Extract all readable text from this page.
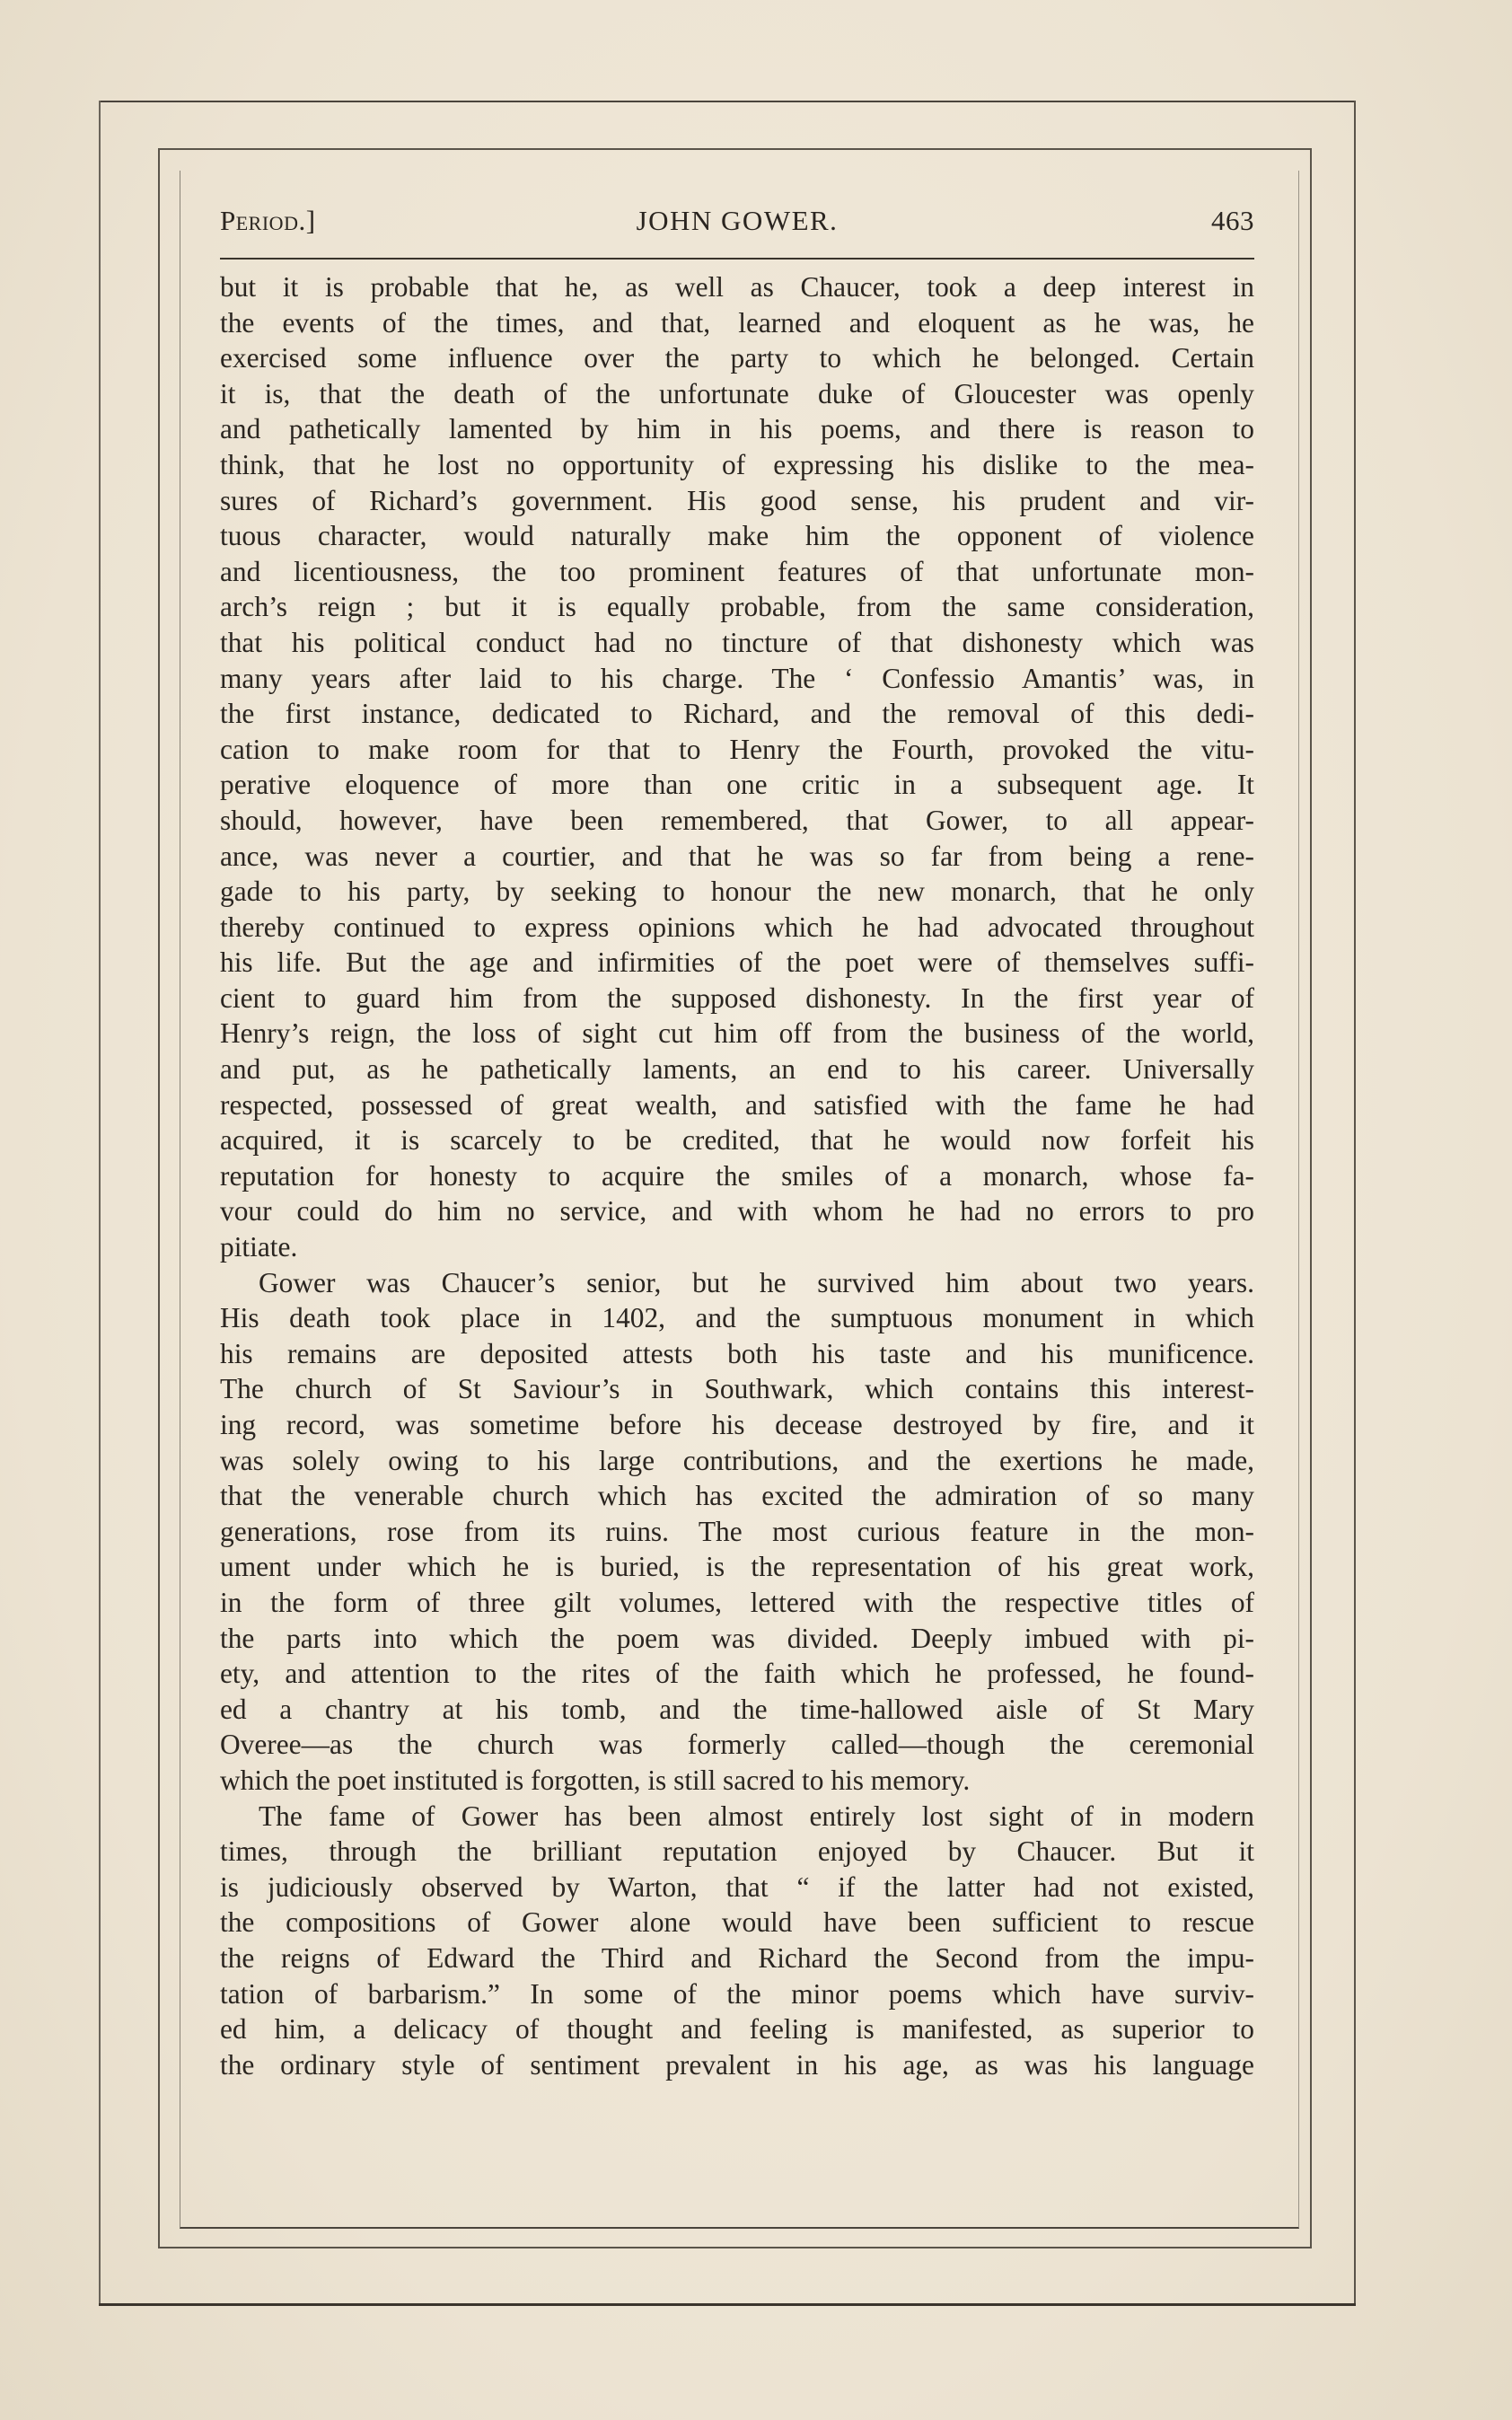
Period.]	JOHN GOWER.	463
but it is probable that he, as well as Chaucer, took a deep interest in
the events of the times, and that, learned and eloquent as he was, he
exercised some influence over the party to which he belonged. Certain
it is, that the death of the unfortunate duke of Gloucester was openly
and pathetically lamented by him in his poems, and there is reason to
think, that he lost no opportunity of expressing his dislike to the mea-
sures of Richard’s government. His good sense, his prudent and vir-
tuous character, would naturally make him the opponent of violence
and licentiousness, the too prominent features of that unfortunate mon-
arch’s reign ; but it is equally probable, from the same consideration,
that his political conduct had no tincture of that dishonesty which was
many years after laid to his charge. The ‘ Confessio Amantis’ was, in
the first instance, dedicated to Richard, and the removal of this dedi-
cation to make room for that to Henry the Fourth, provoked the vitu-
perative eloquence of more than one critic in a subsequent age. It
should, however, have been remembered, that Gower, to all appear-
ance, was never a courtier, and that he was so far from being a rene-
gade to his party, by seeking to honour the new monarch, that he only
thereby continued to express opinions which he had advocated throughout
his life. But the age and infirmities of the poet were of themselves suffi-
cient to guard him from the supposed dishonesty. In the first year of
Henry’s reign, the loss of sight cut him off from the business of the world,
and put, as he pathetically laments, an end to his career. Universally
respected, possessed of great wealth, and satisfied with the fame he had
acquired, it is scarcely to be credited, that he would now forfeit his
reputation for honesty to acquire the smiles of a monarch, whose fa-
vour could do him no service, and with whom he had no errors to pro
pitiate.
Gower was Chaucer’s senior, but he survived him about two years.
His death took place in 1402, and the sumptuous monument in which
his remains are deposited attests both his taste and his munificence.
The church of St Saviour’s in Southwark, which contains this interest-
ing record, was sometime before his decease destroyed by fire, and it
was solely owing to his large contributions, and the exertions he made,
that the venerable church which has excited the admiration of so many
generations, rose from its ruins. The most curious feature in the mon-
ument under which he is buried, is the representation of his great work,
in the form of three gilt volumes, lettered with the respective titles of
the parts into which the poem was divided. Deeply imbued with pi-
ety, and attention to the rites of the faith which he professed, he found-
ed a chantry at his tomb, and the time-hallowed aisle of St Mary
Overee—as the church was formerly called—though the ceremonial
which the poet instituted is forgotten, is still sacred to his memory.
The fame of Gower has been almost entirely lost sight of in modern
times, through the brilliant reputation enjoyed by Chaucer. But it
is judiciously observed by Warton, that “ if the latter had not existed,
the compositions of Gower alone would have been sufficient to rescue
the reigns of Edward the Third and Richard the Second from the impu-
tation of barbarism.” In some of the minor poems which have surviv-
ed him, a delicacy of thought and feeling is manifested, as superior to
the ordinary style of sentiment prevalent in his age, as was his language
